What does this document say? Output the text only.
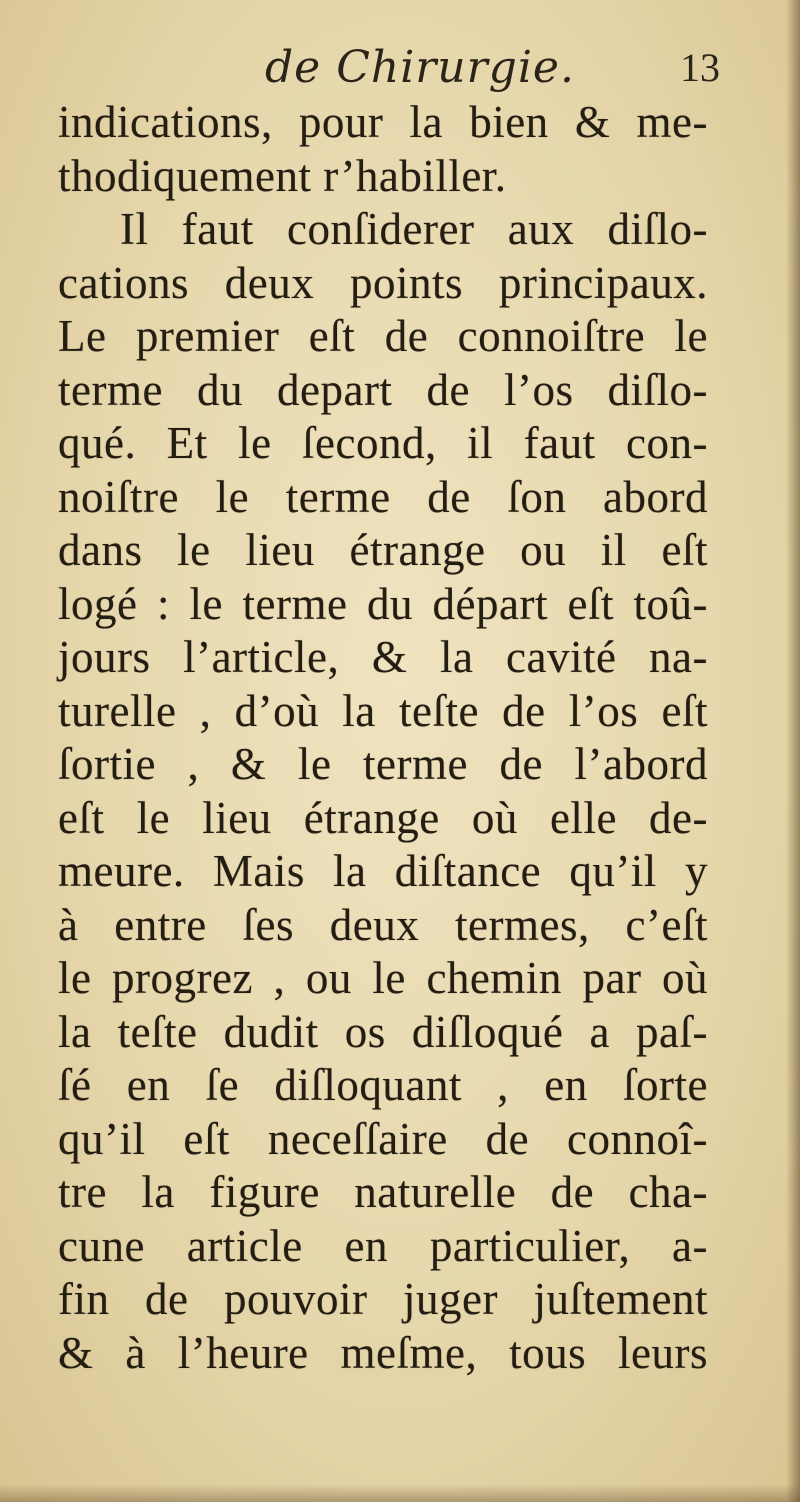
de Chirurgie.	13
indications, pour la bien & me-
thodiquement r’habiller.
Il faut conſiderer aux diſlo-
cations deux points principaux.
Le premier eſt de connoiſtre le
terme du depart de l’os diſlo-
qué. Et le ſecond, il faut con-
noiſtre le terme de ſon abord
dans le lieu étrange ou il eſt
logé : le terme du départ eſt toû-
jours l’article, & la cavité na-
turelle , d’où la teſte de l’os eſt
ſortie , & le terme de l’abord
eſt le lieu étrange où elle de-
meure. Mais la diſtance qu’il y
à entre ſes deux termes, c’eſt
le progrez , ou le chemin par où
la teſte dudit os diſloqué a paſ-
ſé en ſe diſloquant , en ſorte
qu’il eſt neceſſaire de connoî-
tre la figure naturelle de cha-
cune article en particulier, a-
fin de pouvoir juger juſtement
& à l’heure meſme, tous leurs
